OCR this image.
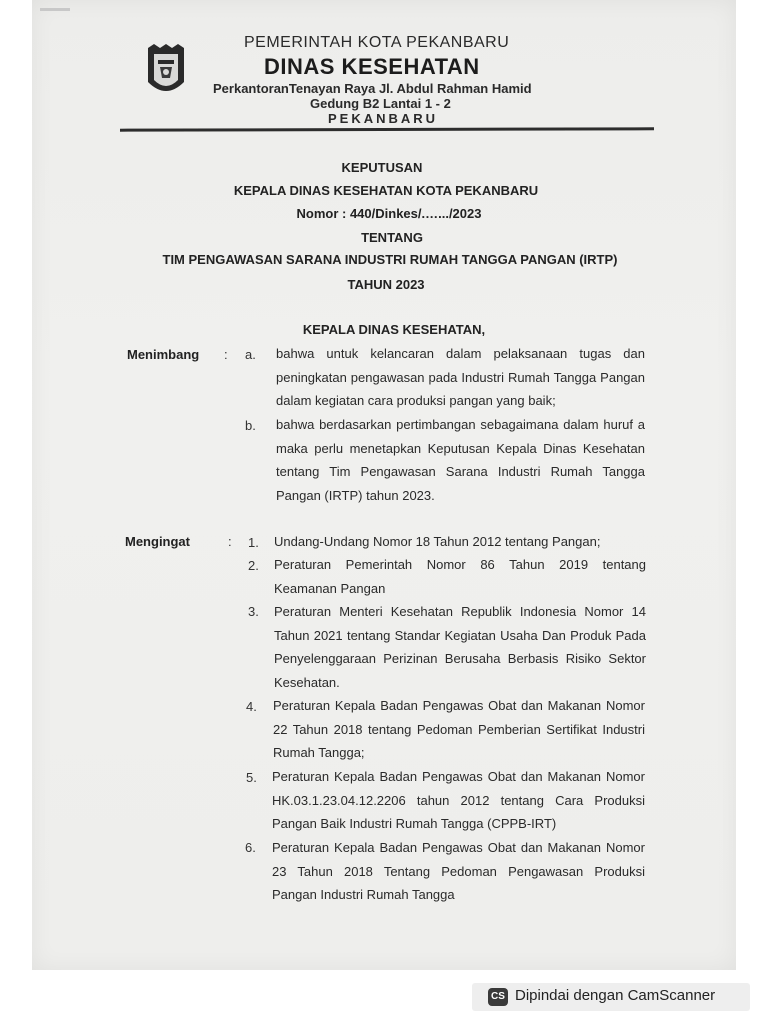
PEMERINTAH KOTA PEKANBARU
DINAS KESEHATAN
PerkantoranTenayan Raya Jl. Abdul Rahman Hamid
Gedung B2 Lantai 1 - 2
PEKANBARU
KEPUTUSAN
KEPALA DINAS KESEHATAN KOTA PEKANBARU
Nomor : 440/Dinkes/.….../2023
TENTANG
TIM PENGAWASAN SARANA INDUSTRI RUMAH TANGGA PANGAN (IRTP)
TAHUN 2023
KEPALA DINAS KESEHATAN,
Menimbang : a. bahwa untuk kelancaran dalam pelaksanaan tugas dan peningkatan pengawasan pada Industri Rumah Tangga Pangan dalam kegiatan cara produksi pangan yang baik;
b. bahwa berdasarkan pertimbangan sebagaimana dalam huruf a maka perlu menetapkan Keputusan Kepala Dinas Kesehatan tentang Tim Pengawasan Sarana Industri Rumah Tangga Pangan (IRTP) tahun 2023.
Mengingat	: 1. Undang-Undang Nomor 18 Tahun 2012 tentang Pangan;
2. Peraturan Pemerintah Nomor 86 Tahun 2019 tentang Keamanan Pangan
3. Peraturan Menteri Kesehatan Republik Indonesia Nomor 14 Tahun 2021 tentang Standar Kegiatan Usaha Dan Produk Pada Penyelenggaraan Perizinan Berusaha Berbasis Risiko Sektor Kesehatan.
4. Peraturan Kepala Badan Pengawas Obat dan Makanan Nomor 22 Tahun 2018 tentang Pedoman Pemberian Sertifikat Industri Rumah Tangga;
5. Peraturan Kepala Badan Pengawas Obat dan Makanan Nomor HK.03.1.23.04.12.2206 tahun 2012 tentang Cara Produksi Pangan Baik Industri Rumah Tangga (CPPB-IRT)
6. Peraturan Kepala Badan Pengawas Obat dan Makanan Nomor 23 Tahun 2018 Tentang Pedoman Pengawasan Produksi Pangan Industri Rumah Tangga
CS Dipindai dengan CamScanner
